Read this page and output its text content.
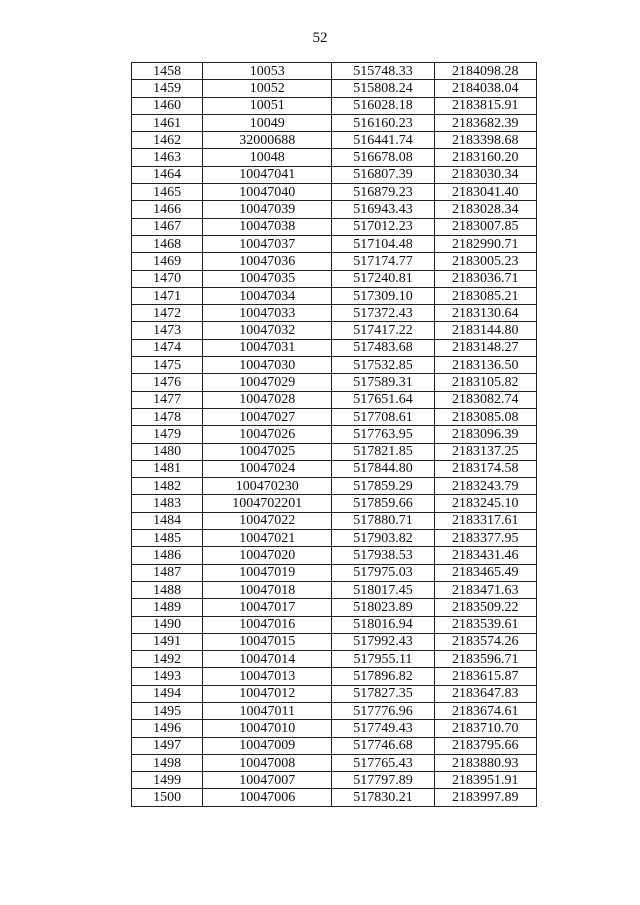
52
1458	10053	515748.33	2184098.28
1459	10052	515808.24	2184038.04
1460	10051	516028.18	2183815.91
1461	10049	516160.23	2183682.39
1462	32000688	516441.74	2183398.68
1463	10048	516678.08	2183160.20
1464	10047041	516807.39	2183030.34
1465	10047040	516879.23	2183041.40
1466	10047039	516943.43	2183028.34
1467	10047038	517012.23	2183007.85
1468	10047037	517104.48	2182990.71
1469	10047036	517174.77	2183005.23
1470	10047035	517240.81	2183036.71
1471	10047034	517309.10	2183085.21
1472	10047033	517372.43	2183130.64
1473	10047032	517417.22	2183144.80
1474	10047031	517483.68	2183148.27
1475	10047030	517532.85	2183136.50
1476	10047029	517589.31	2183105.82
1477	10047028	517651.64	2183082.74
1478	10047027	517708.61	2183085.08
1479	10047026	517763.95	2183096.39
1480	10047025	517821.85	2183137.25
1481	10047024	517844.80	2183174.58
1482	100470230	517859.29	2183243.79
1483	1004702201	517859.66	2183245.10
1484	10047022	517880.71	2183317.61
1485	10047021	517903.82	2183377.95
1486	10047020	517938.53	2183431.46
1487	10047019	517975.03	2183465.49
1488	10047018	518017.45	2183471.63
1489	10047017	518023.89	2183509.22
1490	10047016	518016.94	2183539.61
1491	10047015	517992.43	2183574.26
1492	10047014	517955.11	2183596.71
1493	10047013	517896.82	2183615.87
1494	10047012	517827.35	2183647.83
1495	10047011	517776.96	2183674.61
1496	10047010	517749.43	2183710.70
1497	10047009	517746.68	2183795.66
1498	10047008	517765.43	2183880.93
1499	10047007	517797.89	2183951.91
1500	10047006	517830.21	2183997.89
